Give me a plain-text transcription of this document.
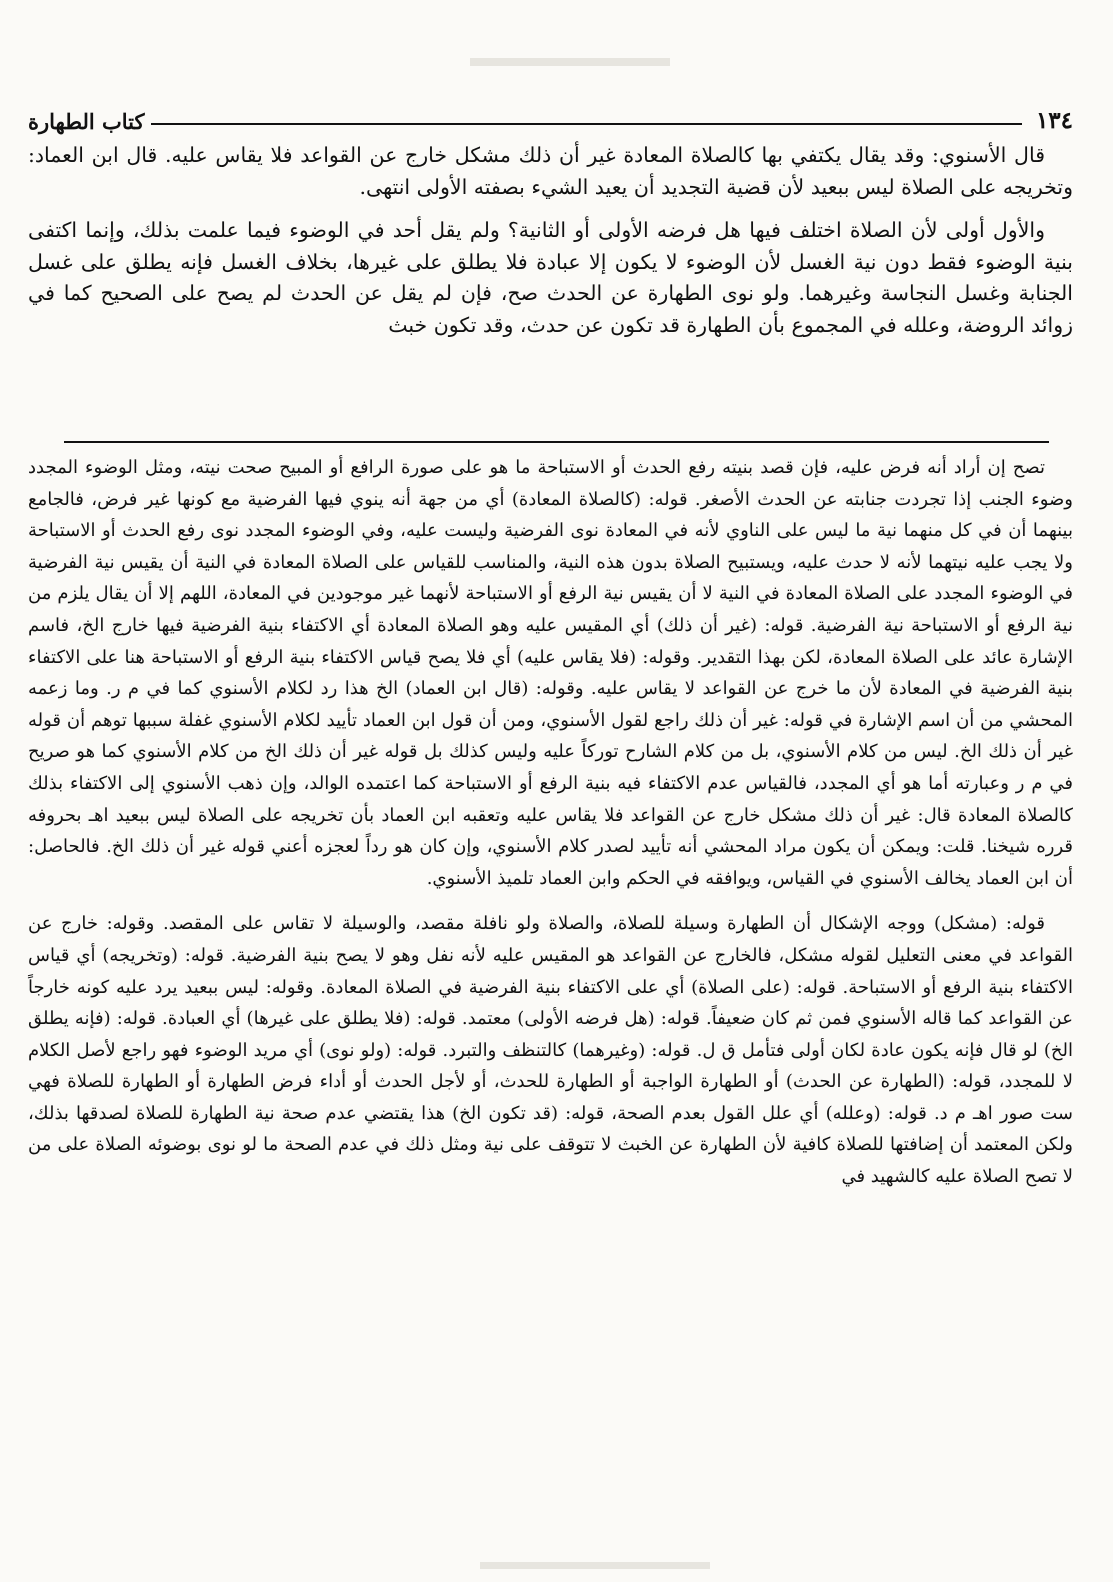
١٣٤
كتاب الطهارة

قال الأسنوي: وقد يقال يكتفي بها كالصلاة المعادة غير أن ذلك مشكل خارج عن القواعد فلا يقاس عليه. قال ابن العماد: وتخريجه على الصلاة ليس ببعيد لأن قضية التجديد أن يعيد الشيء بصفته الأولى انتهى.

والأول أولى لأن الصلاة اختلف فيها هل فرضه الأولى أو الثانية؟ ولم يقل أحد في الوضوء فيما علمت بذلك، وإنما اكتفى بنية الوضوء فقط دون نية الغسل لأن الوضوء لا يكون إلا عبادة فلا يطلق على غيرها، بخلاف الغسل فإنه يطلق على غسل الجنابة وغسل النجاسة وغيرهما. ولو نوى الطهارة عن الحدث صح، فإن لم يقل عن الحدث لم يصح على الصحيح كما في زوائد الروضة، وعلله في المجموع بأن الطهارة قد تكون عن حدث، وقد تكون خبث

تصح إن أراد أنه فرض عليه، فإن قصد بنيته رفع الحدث أو الاستباحة ما هو على صورة الرافع أو المبيح صحت نيته، ومثل الوضوء المجدد وضوء الجنب إذا تجردت جنابته عن الحدث الأصغر. قوله: (كالصلاة المعادة) أي من جهة أنه ينوي فيها الفرضية مع كونها غير فرض، فالجامع بينهما أن في كل منهما نية ما ليس على الناوي لأنه في المعادة نوى الفرضية وليست عليه، وفي الوضوء المجدد نوى رفع الحدث أو الاستباحة ولا يجب عليه نيتهما لأنه لا حدث عليه، ويستبيح الصلاة بدون هذه النية، والمناسب للقياس على الصلاة المعادة في النية أن يقيس نية الفرضية في الوضوء المجدد على الصلاة المعادة في النية لا أن يقيس نية الرفع أو الاستباحة لأنهما غير موجودين في المعادة، اللهم إلا أن يقال يلزم من نية الرفع أو الاستباحة نية الفرضية. قوله: (غير أن ذلك) أي المقيس عليه وهو الصلاة المعادة أي الاكتفاء بنية الفرضية فيها خارج الخ، فاسم الإشارة عائد على الصلاة المعادة، لكن بهذا التقدير. وقوله: (فلا يقاس عليه) أي فلا يصح قياس الاكتفاء بنية الرفع أو الاستباحة هنا على الاكتفاء بنية الفرضية في المعادة لأن ما خرج عن القواعد لا يقاس عليه. وقوله: (قال ابن العماد) الخ هذا رد لكلام الأسنوي كما في م ر. وما زعمه المحشي من أن اسم الإشارة في قوله: غير أن ذلك راجع لقول الأسنوي، ومن أن قول ابن العماد تأييد لكلام الأسنوي غفلة سببها توهم أن قوله غير أن ذلك الخ. ليس من كلام الأسنوي، بل من كلام الشارح توركاً عليه وليس كذلك بل قوله غير أن ذلك الخ من كلام الأسنوي كما هو صريح في م ر وعبارته أما هو أي المجدد، فالقياس عدم الاكتفاء فيه بنية الرفع أو الاستباحة كما اعتمده الوالد، وإن ذهب الأسنوي إلى الاكتفاء بذلك كالصلاة المعادة قال: غير أن ذلك مشكل خارج عن القواعد فلا يقاس عليه وتعقبه ابن العماد بأن تخريجه على الصلاة ليس ببعيد اهـ بحروفه قرره شيخنا. قلت: ويمكن أن يكون مراد المحشي أنه تأييد لصدر كلام الأسنوي، وإن كان هو رداً لعجزه أعني قوله غير أن ذلك الخ. فالحاصل: أن ابن العماد يخالف الأسنوي في القياس، ويوافقه في الحكم وابن العماد تلميذ الأسنوي.

قوله: (مشكل) ووجه الإشكال أن الطهارة وسيلة للصلاة، والصلاة ولو نافلة مقصد، والوسيلة لا تقاس على المقصد. وقوله: خارج عن القواعد في معنى التعليل لقوله مشكل، فالخارج عن القواعد هو المقيس عليه لأنه نفل وهو لا يصح بنية الفرضية. قوله: (وتخريجه) أي قياس الاكتفاء بنية الرفع أو الاستباحة. قوله: (على الصلاة) أي على الاكتفاء بنية الفرضية في الصلاة المعادة. وقوله: ليس ببعيد يرد عليه كونه خارجاً عن القواعد كما قاله الأسنوي فمن ثم كان ضعيفاً. قوله: (هل فرضه الأولى) معتمد. قوله: (فلا يطلق على غيرها) أي العبادة. قوله: (فإنه يطلق الخ) لو قال فإنه يكون عادة لكان أولى فتأمل ق ل. قوله: (وغيرهما) كالتنظف والتبرد. قوله: (ولو نوى) أي مريد الوضوء فهو راجع لأصل الكلام لا للمجدد، قوله: (الطهارة عن الحدث) أو الطهارة الواجبة أو الطهارة للحدث، أو لأجل الحدث أو أداء فرض الطهارة أو الطهارة للصلاة فهي ست صور اهـ م د. قوله: (وعلله) أي علل القول بعدم الصحة، قوله: (قد تكون الخ) هذا يقتضي عدم صحة نية الطهارة للصلاة لصدقها بذلك، ولكن المعتمد أن إضافتها للصلاة كافية لأن الطهارة عن الخبث لا تتوقف على نية ومثل ذلك في عدم الصحة ما لو نوى بوضوئه الصلاة على من لا تصح الصلاة عليه كالشهيد في
